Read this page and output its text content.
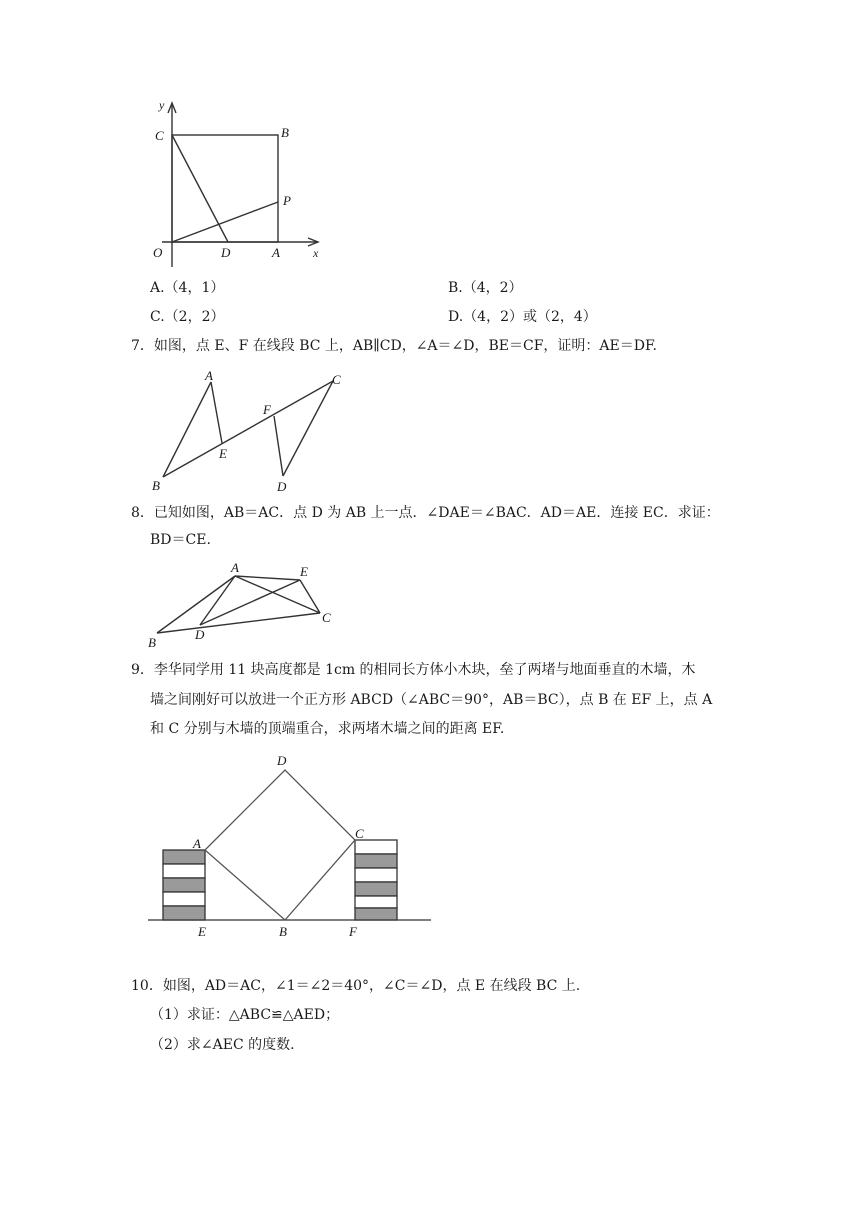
y
x
C	B
P
O	D	A
A.（4，1）	B.（4，2）
C.（2，2）	D.（4，2）或（2，4）
7．如图，点 E、F 在线段 BC 上，AB∥CD，∠A＝∠D，BE＝CF，证明：AE＝DF.
A
B
C
D
E
F
8．已知如图，AB＝AC．点 D 为 AB 上一点．∠DAE＝∠BAC．AD＝AE．连接 EC．求证：
BD＝CE.
A
B
C
D
E
9．李华同学用 11 块高度都是 1cm 的相同长方体小木块，垒了两堵与地面垂直的木墙，木
墙之间刚好可以放进一个正方形 ABCD（∠ABC＝90°，AB＝BC），点 B 在 EF 上，点 A
和 C 分别与木墙的顶端重合，求两堵木墙之间的距离 EF.
A
B
C
D
E	F
10．如图，AD＝AC，∠1＝∠2＝40°，∠C＝∠D，点 E 在线段 BC 上.
（1）求证：△ABC≌△AED；
（2）求∠AEC 的度数.
